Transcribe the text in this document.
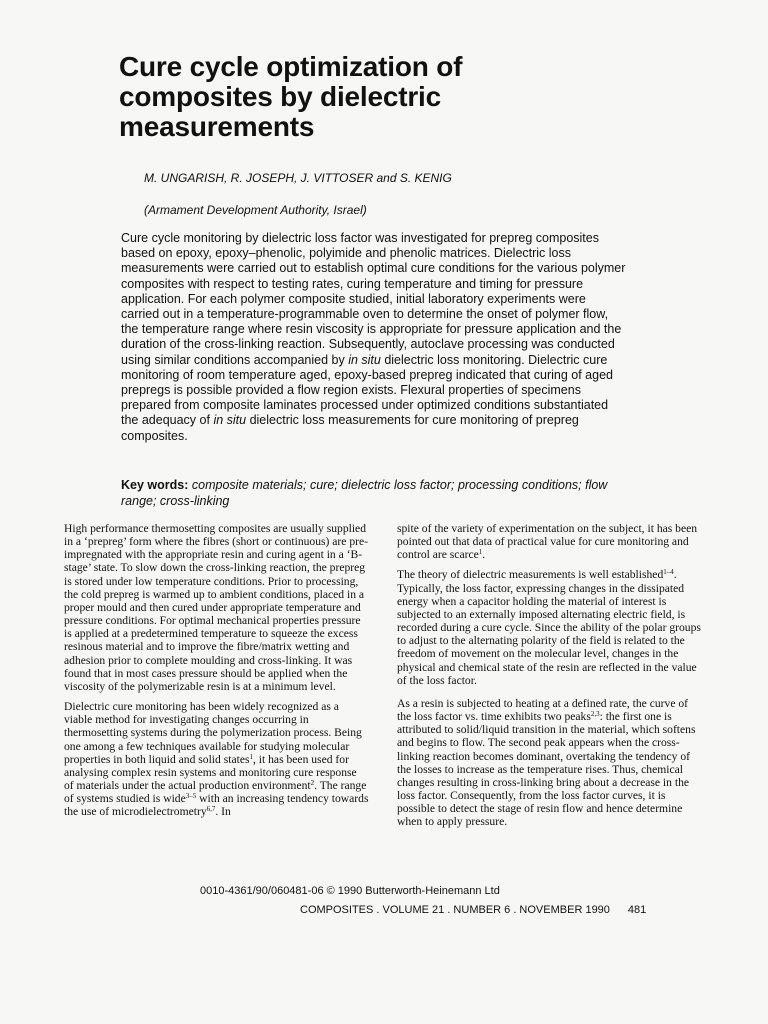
Cure cycle optimization of composites by dielectric measurements
M. UNGARISH, R. JOSEPH, J. VITTOSER and S. KENIG
(Armament Development Authority, Israel)

Cure cycle monitoring by dielectric loss factor was investigated for prepreg composites based on epoxy, epoxy–phenolic, polyimide and phenolic matrices. Dielectric loss measurements were carried out to establish optimal cure conditions for the various polymer composites with respect to testing rates, curing temperature and timing for pressure application. For each polymer composite studied, initial laboratory experiments were carried out in a temperature-programmable oven to determine the onset of polymer flow, the temperature range where resin viscosity is appropriate for pressure application and the duration of the cross-linking reaction. Subsequently, autoclave processing was conducted using similar conditions accompanied by in situ dielectric loss monitoring. Dielectric cure monitoring of room temperature aged, epoxy-based prepreg indicated that curing of aged prepregs is possible provided a flow region exists. Flexural properties of specimens prepared from composite laminates processed under optimized conditions substantiated the adequacy of in situ dielectric loss measurements for cure monitoring of prepreg composites.

Key words: composite materials; cure; dielectric loss factor; processing conditions; flow range; cross-linking

High performance thermosetting composites are usually supplied in a ‘prepreg’ form where the fibres (short or continuous) are pre-impregnated with the appropriate resin and curing agent in a ‘B-stage’ state. To slow down the cross-linking reaction, the prepreg is stored under low temperature conditions. Prior to processing, the cold prepreg is warmed up to ambient conditions, placed in a proper mould and then cured under appropriate temperature and pressure conditions. For optimal mechanical properties pressure is applied at a predetermined temperature to squeeze the excess resinous material and to improve the fibre/matrix wetting and adhesion prior to complete moulding and cross-linking. It was found that in most cases pressure should be applied when the viscosity of the polymerizable resin is at a minimum level.

Dielectric cure monitoring has been widely recognized as a viable method for investigating changes occurring in thermosetting systems during the polymerization process. Being one among a few techniques available for studying molecular properties in both liquid and solid states$^1$, it has been used for analysing complex resin systems and monitoring cure response of materials under the actual production environment$^2$. The range of systems studied is wide$^{3-5}$ with an increasing tendency towards the use of microdielectrometry$^{6,7}$. In

spite of the variety of experimentation on the subject, it has been pointed out that data of practical value for cure monitoring and control are scarce$^1$.

The theory of dielectric measurements is well established$^{1-4}$. Typically, the loss factor, expressing changes in the dissipated energy when a capacitor holding the material of interest is subjected to an externally imposed alternating electric field, is recorded during a cure cycle. Since the ability of the polar groups to adjust to the alternating polarity of the field is related to the freedom of movement on the molecular level, changes in the physical and chemical state of the resin are reflected in the value of the loss factor.

As a resin is subjected to heating at a defined rate, the curve of the loss factor vs. time exhibits two peaks$^{2,3}$: the first one is attributed to solid/liquid transition in the material, which softens and begins to flow. The second peak appears when the cross-linking reaction becomes dominant, overtaking the tendency of the losses to increase as the temperature rises. Thus, chemical changes resulting in cross-linking bring about a decrease in the loss factor. Consequently, from the loss factor curves, it is possible to detect the stage of resin flow and hence determine when to apply pressure.

0010-4361/90/060481-06 © 1990 Butterworth-Heinemann Ltd
COMPOSITES . VOLUME 21 . NUMBER 6 . NOVEMBER 1990 481
